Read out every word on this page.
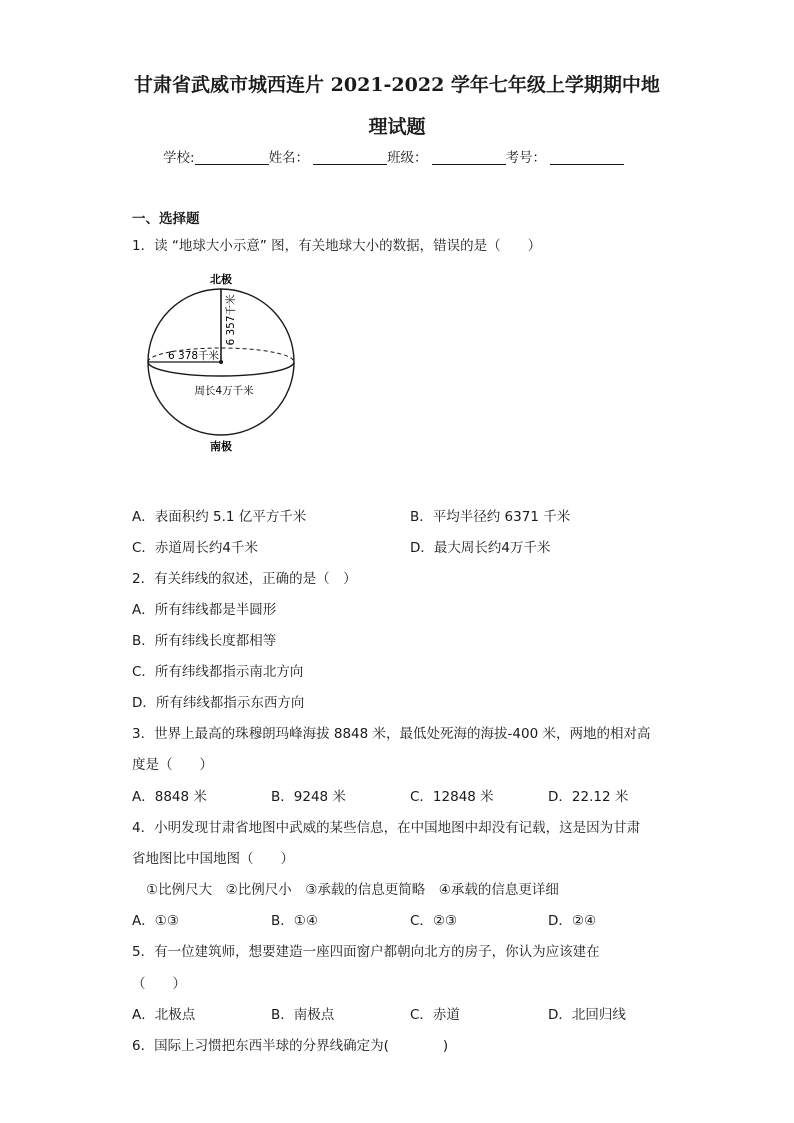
甘肃省武威市城西连片 2021-2022 学年七年级上学期期中地
理试题
学校:	姓名：	班级：	考号：
一、选择题
1．读 “地球大小示意” 图，有关地球大小的数据，错误的是（　　）
北极
6 357千米
6 378千米
周长4万千米
南极
A．表面积约 5.1 亿平方千米	B．平均半径约 6371 千米
C．赤道周长约4千米	D．最大周长约4万千米
2．有关纬线的叙述，正确的是（　）
A．所有纬线都是半圆形
B．所有纬线长度都相等
C．所有纬线都指示南北方向
D．所有纬线都指示东西方向
3．世界上最高的珠穆朗玛峰海拔 8848 米，最低处死海的海拔-400 米，两地的相对高
度是（　　）
A．8848 米	B．9248 米	C．12848 米	D．22.12 米
4．小明发现甘肃省地图中武威的某些信息，在中国地图中却没有记载，这是因为甘肃
省地图比中国地图（　　）
①比例尺大　②比例尺小　③承载的信息更简略　④承载的信息更详细
A．①③	B．①④	C．②③	D．②④
5．有一位建筑师，想要建造一座四面窗户都朝向北方的房子，你认为应该建在
（　　）
A．北极点	B．南极点	C．赤道	D．北回归线
6．国际上习惯把东西半球的分界线确定为(　　　　)
